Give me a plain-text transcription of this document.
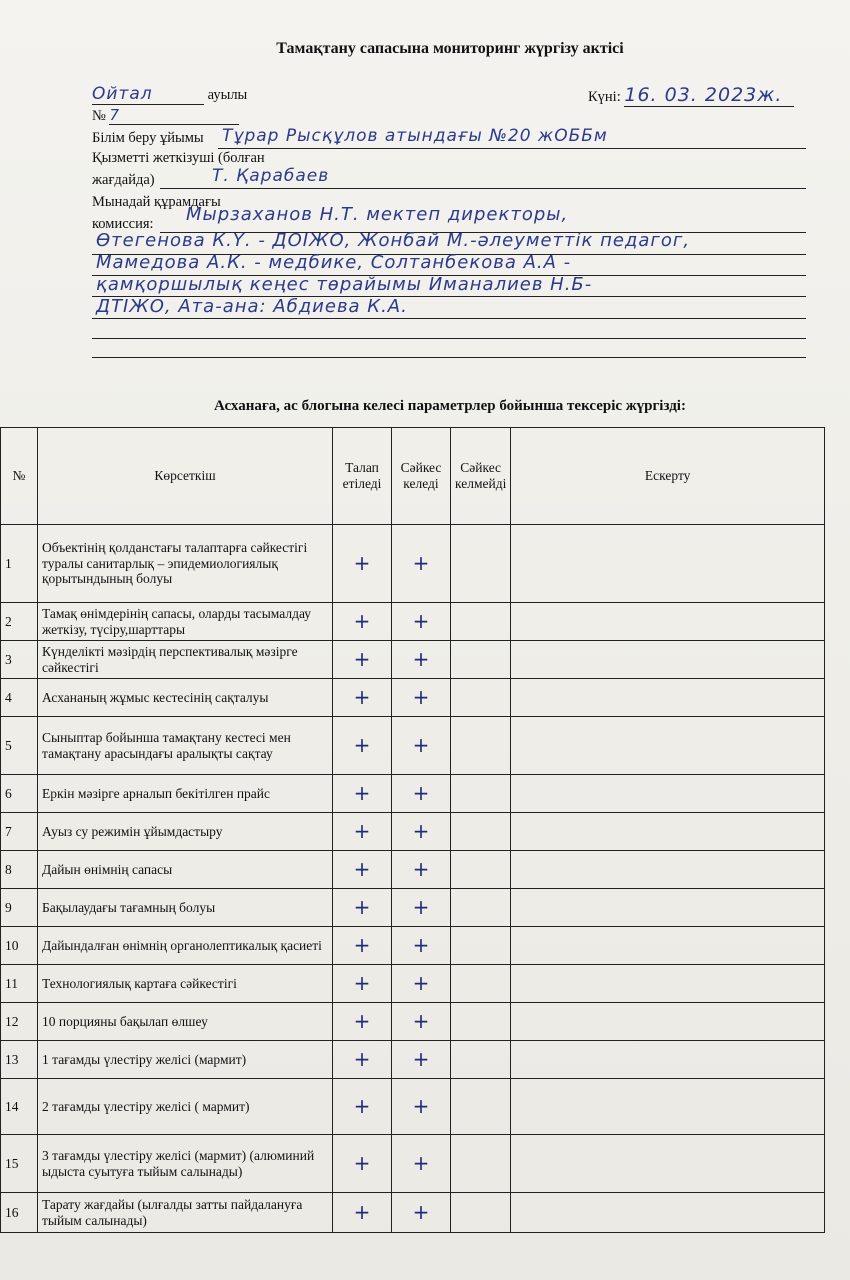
Тамақтану сапасына мониторинг жүргізу актісі
Ойтал	ауылы
№ 7
Күні: 16. 03. 2023ж.
Білім беру ұйымы Тұрар Рысқұлов атындағы №20 жОББм
Қызметті жеткізуші (болған
жағдайда)	Т. Қарабаев
Мынадай құрамдағы
комиссия: Мырзаханов Н.Т. мектеп директоры,
Өтегенова К.Ү. - ДОІЖО, Жонбай М.-әлеуметтік педагог,
Мамедова А.К. - медбике, Солтанбекова А.А -
қамқоршылық кеңес төрайымы Иманалиев Н.Б-
ДТІЖО, Ата-ана: Абдиева К.А.
Асханаға, ас блогына келесі параметрлер бойынша тексеріс жүргізді:
№	Көрсеткіш	Талап етіледі	Сәйкес келеді	Сәйкес келмейді	Ескерту
1	Объектінің қолданстағы талаптарға сәйкестігі туралы санитарлық – эпидемиологиялық қорытындының болуы	+	+		
2	Тамақ өнімдерінің сапасы, оларды тасымалдау жеткізу, түсіру,шарттары	+	+		
3	Күнделікті мәзірдің перспективалық мәзірге сәйкестігі	+	+		
4	Асхананың жұмыс кестесінің сақталуы	+	+		
5	Сыныптар бойынша тамақтану кестесі мен тамақтану арасындағы аралықты сақтау	+	+		
6	Еркін мәзірге арналып бекітілген прайс	+	+		
7	Ауыз су режимін ұйымдастыру	+	+		
8	Дайын өнімнің сапасы	+	+		
9	Бақылаудағы тағамның болуы	+	+		
10	Дайындалған өнімнің органолептикалық қасиеті	+	+		
11	Технологиялық картаға сәйкестігі	+	+		
12	10 порцияны бақылап өлшеу	+	+		
13	1 тағамды үлестіру желісі (мармит)	+	+		
14	2 тағамды үлестіру желісі ( мармит)	+	+		
15	3 тағамды үлестіру желісі (мармит) (алюминий ыдыста суытуға тыйым салынады)	+	+		
16	Тарату жағдайы (ылғалды затты пайдалануға тыйым салынады)	+	+		
